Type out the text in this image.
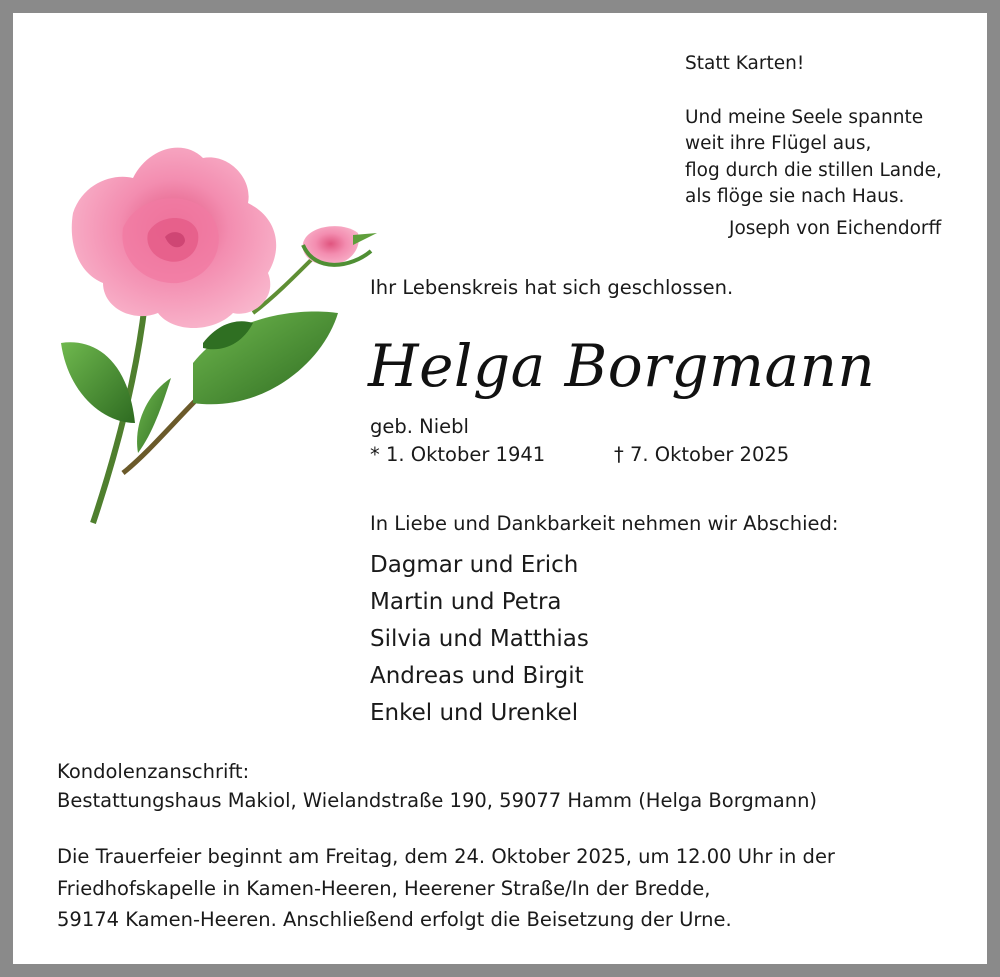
Statt Karten!
Und meine Seele spannte
weit ihre Flügel aus,
flog durch die stillen Lande,
als flöge sie nach Haus.
Joseph von Eichendorff
Ihr Lebenskreis hat sich geschlossen.
Helga Borgmann
geb. Niebl
* 1. Oktober 1941	† 7. Oktober 2025
In Liebe und Dankbarkeit nehmen wir Abschied:
Dagmar und Erich
Martin und Petra
Silvia und Matthias
Andreas und Birgit
Enkel und Urenkel
Kondolenzanschrift:
Bestattungshaus Makiol, Wielandstraße 190, 59077 Hamm (Helga Borgmann)
Die Trauerfeier beginnt am Freitag, dem 24. Oktober 2025, um 12.00 Uhr in der
Friedhofskapelle in Kamen-Heeren, Heerener Straße/In der Bredde,
59174 Kamen-Heeren. Anschließend erfolgt die Beisetzung der Urne.
